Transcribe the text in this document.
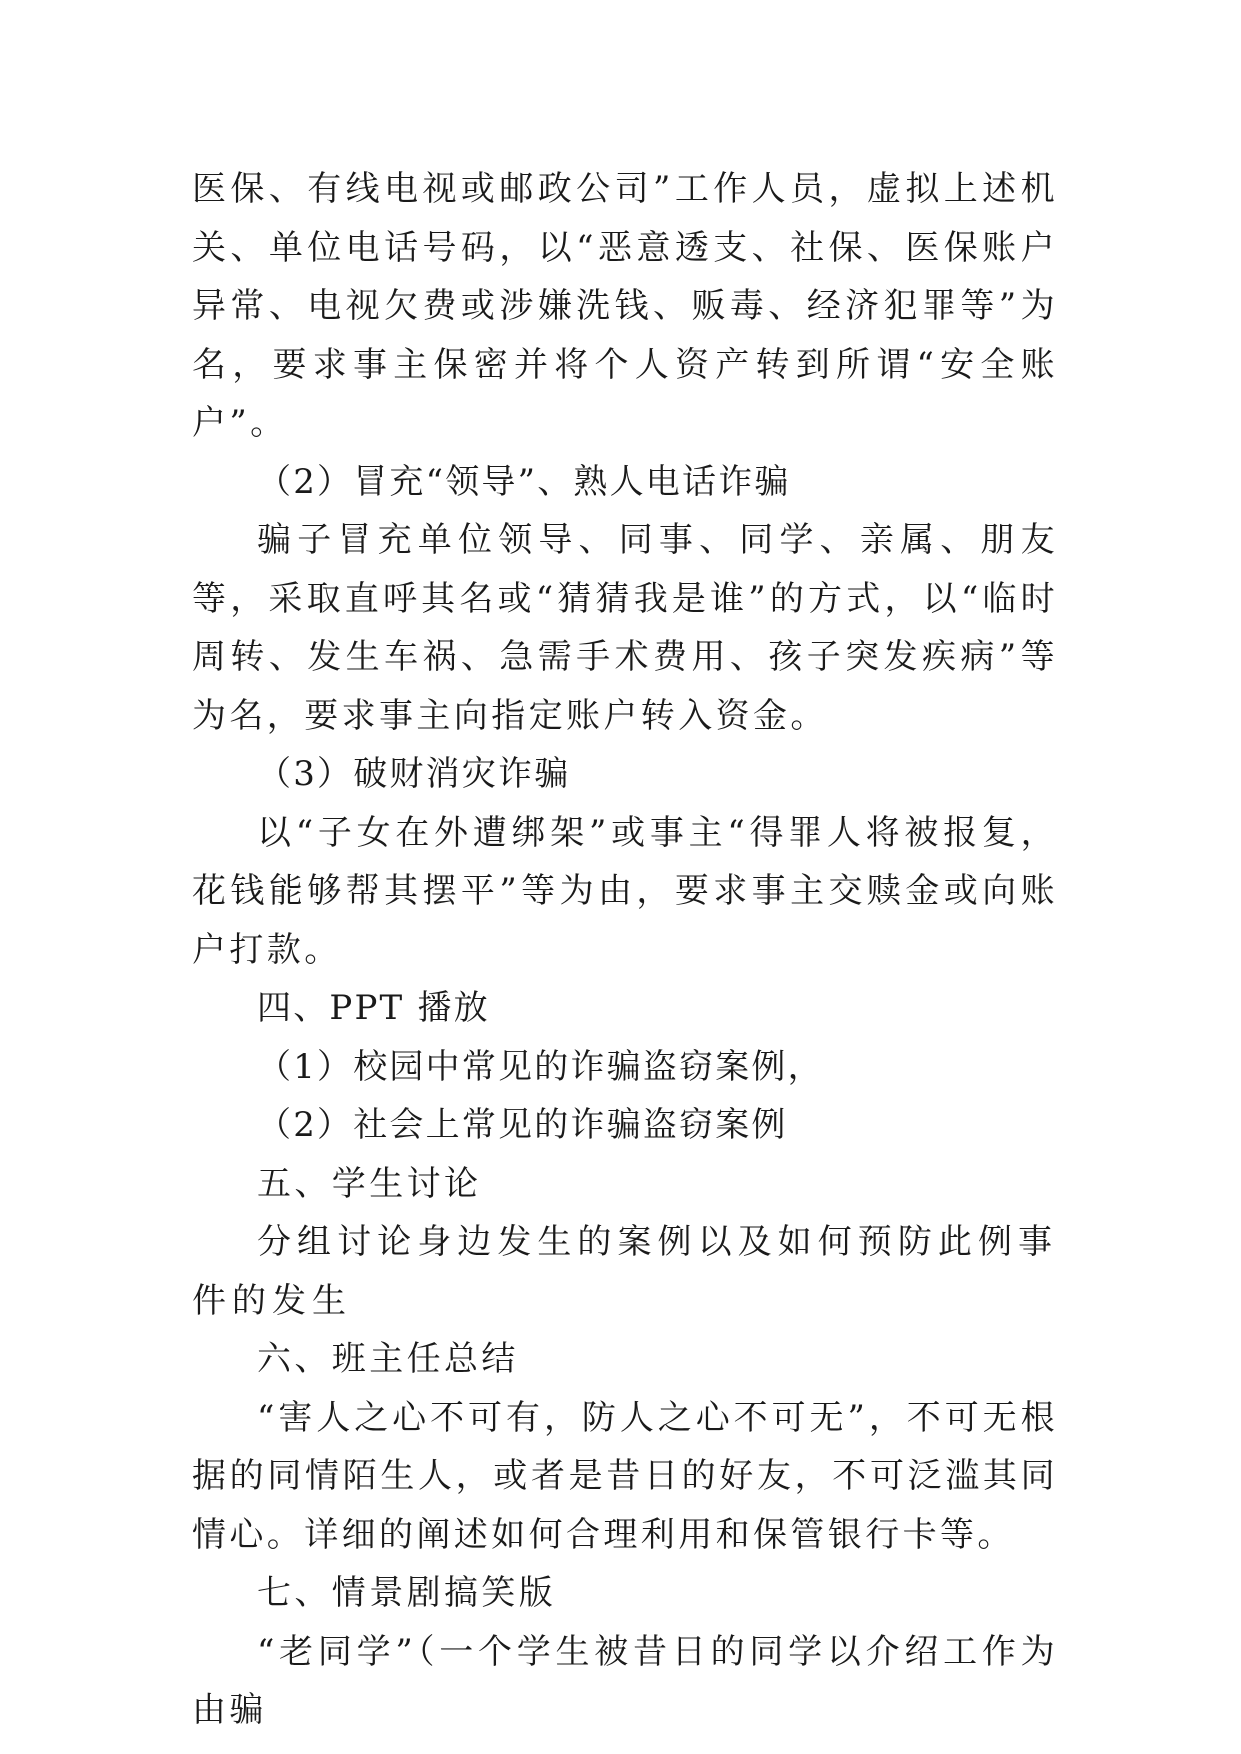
医保、有线电视或邮政公司”工作人员，虚拟上述机关、单位电话号码，以“恶意透支、社保、医保账户异常、电视欠费或涉嫌洗钱、贩毒、经济犯罪等”为名，要求事主保密并将个人资产转到所谓“安全账户”。

（2）冒充“领导”、熟人电话诈骗

骗子冒充单位领导、同事、同学、亲属、朋友等，采取直呼其名或“猜猜我是谁”的方式，以“临时周转、发生车祸、急需手术费用、孩子突发疾病”等为名，要求事主向指定账户转入资金。

（3）破财消灾诈骗

以“子女在外遭绑架”或事主“得罪人将被报复，花钱能够帮其摆平”等为由，要求事主交赎金或向账户打款。

四、PPT 播放

（1）校园中常见的诈骗盗窃案例，

（2）社会上常见的诈骗盗窃案例

五、学生讨论

分组讨论身边发生的案例以及如何预防此例事件的发生

六、班主任总结

“害人之心不可有，防人之心不可无”，不可无根据的同情陌生人，或者是昔日的好友，不可泛滥其同情心。详细的阐述如何合理利用和保管银行卡等。

七、情景剧搞笑版

“老同学”（一个学生被昔日的同学以介绍工作为由骗
